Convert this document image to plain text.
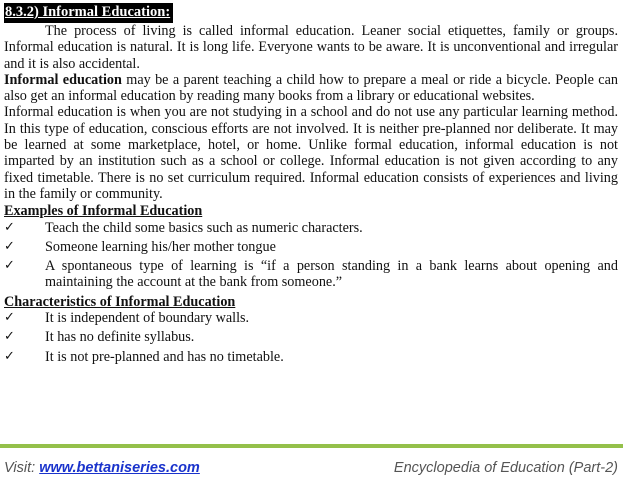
8.3.2) Informal Education:

The process of living is called informal education. Leaner social etiquettes, family or groups. Informal education is natural. It is long life. Everyone wants to be aware. It is unconventional and irregular and it is also accidental.

Informal education may be a parent teaching a child how to prepare a meal or ride a bicycle. People can also get an informal education by reading many books from a library or educational websites.

Informal education is when you are not studying in a school and do not use any particular learning method. In this type of education, conscious efforts are not involved. It is neither pre-planned nor deliberate. It may be learned at some marketplace, hotel, or home. Unlike formal education, informal education is not imparted by an institution such as a school or college. Informal education is not given according to any fixed timetable. There is no set curriculum required. Informal education consists of experiences and living in the family or community.

Examples of Informal Education
✓ Teach the child some basics such as numeric characters.
✓ Someone learning his/her mother tongue
✓ A spontaneous type of learning is “if a person standing in a bank learns about opening and maintaining the account at the bank from someone.”
Characteristics of Informal Education
✓ It is independent of boundary walls.
✓ It has no definite syllabus.
✓ It is not pre-planned and has no timetable.
Visit: www.bettaniseries.com	Encyclopedia of Education (Part-2)
